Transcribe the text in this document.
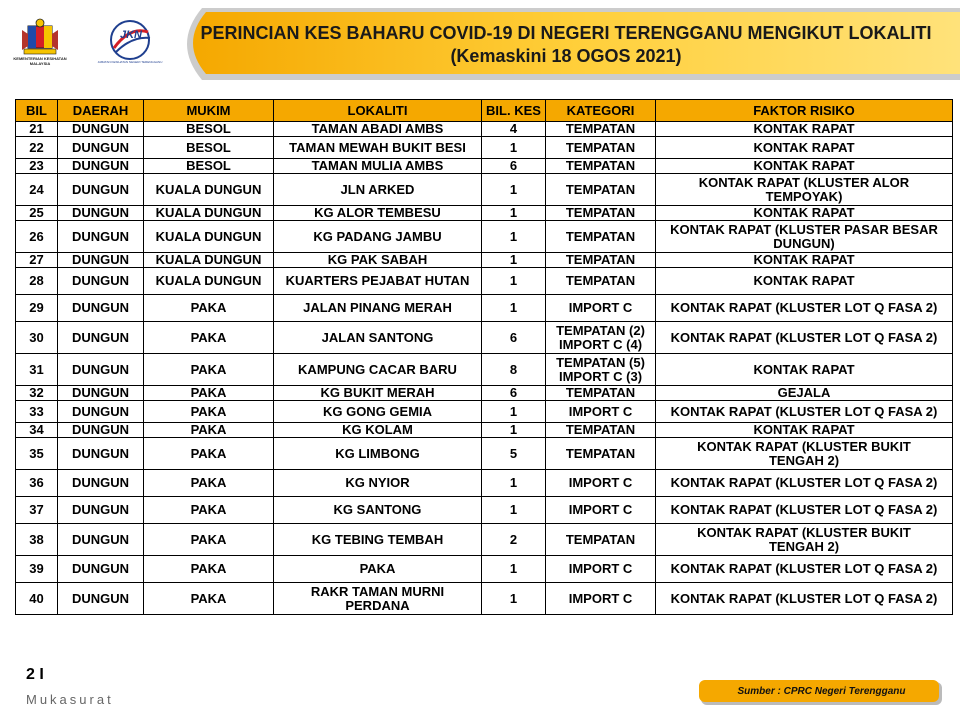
KEMENTERIAN KESIHATAN MALAYSIA
JKN
JABATAN KESIHATAN NEGERI TERENGGANU
PERINCIAN KES BAHARU COVID-19 DI NEGERI TERENGGANU MENGIKUT LOKALITI
(Kemaskini 18 OGOS 2021)
BIL	DAERAH	MUKIM	LOKALITI	BIL. KES	KATEGORI	FAKTOR RISIKO
21	DUNGUN	BESOL	TAMAN ABADI AMBS	4	TEMPATAN	KONTAK RAPAT

22	DUNGUN	BESOL	TAMAN MEWAH BUKIT BESI	1	TEMPATAN	KONTAK RAPAT

23	DUNGUN	BESOL	TAMAN MULIA AMBS	6	TEMPATAN	KONTAK RAPAT

24	DUNGUN	KUALA DUNGUN	JLN ARKED	1	TEMPATAN	KONTAK RAPAT (KLUSTER ALOR
TEMPOYAK)

25	DUNGUN	KUALA DUNGUN	KG ALOR TEMBESU	1	TEMPATAN	KONTAK RAPAT

26	DUNGUN	KUALA DUNGUN	KG PADANG JAMBU	1	TEMPATAN	KONTAK RAPAT (KLUSTER PASAR BESAR
DUNGUN)

27	DUNGUN	KUALA DUNGUN	KG PAK SABAH	1	TEMPATAN	KONTAK RAPAT

28	DUNGUN	KUALA DUNGUN	KUARTERS PEJABAT HUTAN	1	TEMPATAN	KONTAK RAPAT

29	DUNGUN	PAKA	JALAN PINANG MERAH	1	IMPORT C	KONTAK RAPAT (KLUSTER LOT Q FASA 2)

30	DUNGUN	PAKA	JALAN SANTONG	6	TEMPATAN (2)
IMPORT C (4)	KONTAK RAPAT (KLUSTER LOT Q FASA 2)

31	DUNGUN	PAKA	KAMPUNG CACAR BARU	8	TEMPATAN (5)
IMPORT C (3)	KONTAK RAPAT

32	DUNGUN	PAKA	KG BUKIT MERAH	6	TEMPATAN	GEJALA

33	DUNGUN	PAKA	KG GONG GEMIA	1	IMPORT C	KONTAK RAPAT (KLUSTER LOT Q FASA 2)

34	DUNGUN	PAKA	KG KOLAM	1	TEMPATAN	KONTAK RAPAT

35	DUNGUN	PAKA	KG LIMBONG	5	TEMPATAN	KONTAK RAPAT (KLUSTER BUKIT
TENGAH 2)

36	DUNGUN	PAKA	KG NYIOR	1	IMPORT C	KONTAK RAPAT (KLUSTER LOT Q FASA 2)

37	DUNGUN	PAKA	KG SANTONG	1	IMPORT C	KONTAK RAPAT (KLUSTER LOT Q FASA 2)

38	DUNGUN	PAKA	KG TEBING TEMBAH	2	TEMPATAN	KONTAK RAPAT (KLUSTER BUKIT
TENGAH 2)

39	DUNGUN	PAKA	PAKA	1	IMPORT C	KONTAK RAPAT (KLUSTER LOT Q FASA 2)

40	DUNGUN	PAKA	RAKR TAMAN MURNI
PERDANA	1	IMPORT C	KONTAK RAPAT (KLUSTER LOT Q FASA 2)
2 I
Mukasurat
Sumber : CPRC Negeri Terengganu
